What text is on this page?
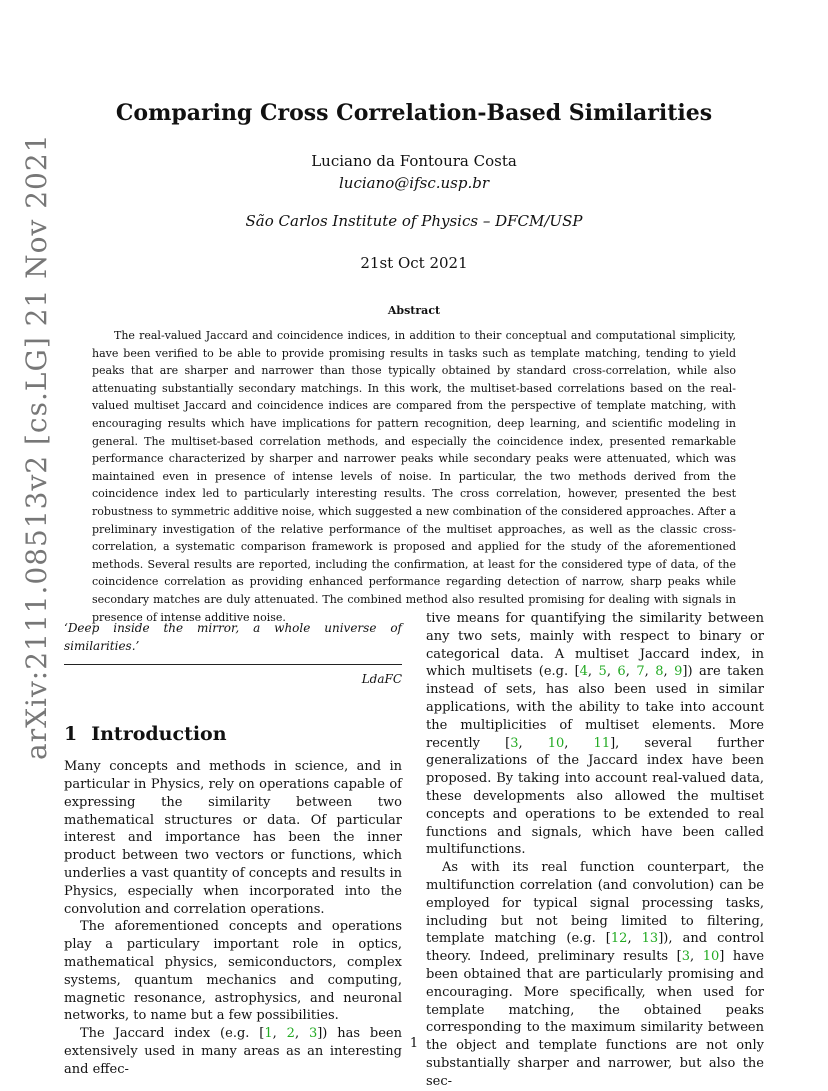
arXiv:2111.08513v2 [cs.LG] 21 Nov 2021
Comparing Cross Correlation-Based Similarities

Luciano da Fontoura Costa

luciano@ifsc.usp.br

São Carlos Institute of Physics – DFCM/USP

21st Oct 2021

Abstract

The real-valued Jaccard and coincidence indices, in addition to their conceptual and computational simplicity, have been verified to be able to provide promising results in tasks such as template matching, tending to yield peaks that are sharper and narrower than those typically obtained by standard cross-correlation, while also attenuating substantially secondary matchings. In this work, the multiset-based correlations based on the real-valued multiset Jaccard and coincidence indices are compared from the perspective of template matching, with encouraging results which have implications for pattern recognition, deep learning, and scientific modeling in general. The multiset-based correlation methods, and especially the coincidence index, presented remarkable performance characterized by sharper and narrower peaks while secondary peaks were attenuated, which was maintained even in presence of intense levels of noise. In particular, the two methods derived from the coincidence index led to particularly interesting results. The cross correlation, however, presented the best robustness to symmetric additive noise, which suggested a new combination of the considered approaches. After a preliminary investigation of the relative performance of the multiset approaches, as well as the classic cross-correlation, a systematic comparison framework is proposed and applied for the study of the aforementioned methods. Several results are reported, including the confirmation, at least for the considered type of data, of the coincidence correlation as providing enhanced performance regarding detection of narrow, sharp peaks while secondary matches are duly attenuated. The combined method also resulted promising for dealing with signals in presence of intense additive noise.

‘Deep inside the mirror, a whole universe of similarities.’

LdaFC

1 Introduction

Many concepts and methods in science, and in particular in Physics, rely on operations capable of expressing the similarity between two mathematical structures or data. Of particular interest and importance has been the inner product between two vectors or functions, which underlies a vast quantity of concepts and results in Physics, especially when incorporated into the convolution and correlation operations.

The aforementioned concepts and operations play a particulary important role in optics, mathematical physics, semiconductors, complex systems, quantum mechanics and computing, magnetic resonance, astrophysics, and neuronal networks, to name but a few possibilities.

The Jaccard index (e.g. [1, 2, 3]) has been extensively used in many areas as an interesting and effec-

tive means for quantifying the similarity between any two sets, mainly with respect to binary or categorical data. A multiset Jaccard index, in which multisets (e.g. [4, 5, 6, 7, 8, 9]) are taken instead of sets, has also been used in similar applications, with the ability to take into account the multiplicities of multiset elements. More recently [3, 10, 11], several further generalizations of the Jaccard index have been proposed. By taking into account real-valued data, these developments also allowed the multiset concepts and operations to be extended to real functions and signals, which have been called multifunctions.

As with its real function counterpart, the multifunction correlation (and convolution) can be employed for typical signal processing tasks, including but not being limited to filtering, template matching (e.g. [12, 13]), and control theory. Indeed, preliminary results [3, 10] have been obtained that are particularly promising and encouraging. More specifically, when used for template matching, the obtained peaks corresponding to the maximum similarity between the object and template functions are not only substantially sharper and narrower, but also the sec-

1
